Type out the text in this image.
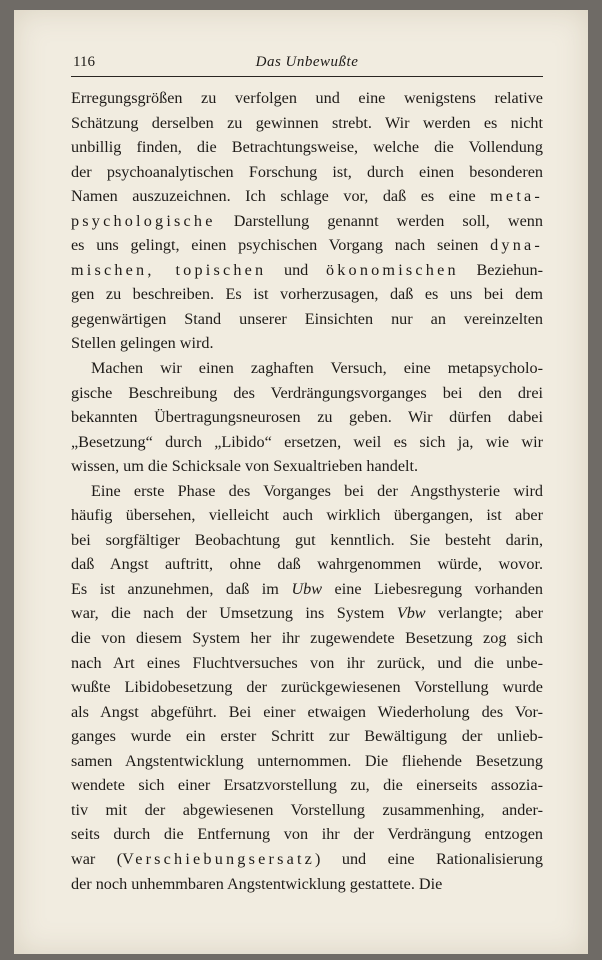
116	Das Unbewußte
Erregungsgrößen zu verfolgen und eine wenigstens relative
Schätzung derselben zu gewinnen strebt. Wir werden es nicht
unbillig finden, die Betrachtungsweise, welche die Vollendung
der psychoanalytischen Forschung ist, durch einen besonderen
Namen auszuzeichnen. Ich schlage vor, daß es eine meta-
psychologische Darstellung genannt werden soll, wenn
es uns gelingt, einen psychischen Vorgang nach seinen dyna-
mischen, topischen und ökonomischen Beziehun-
gen zu beschreiben. Es ist vorherzusagen, daß es uns bei dem
gegenwärtigen Stand unserer Einsichten nur an vereinzelten
Stellen gelingen wird.
Machen wir einen zaghaften Versuch, eine metapsycholo-
gische Beschreibung des Verdrängungsvorganges bei den drei
bekannten Übertragungsneurosen zu geben. Wir dürfen dabei
„Besetzung“ durch „Libido“ ersetzen, weil es sich ja, wie wir
wissen, um die Schicksale von Sexualtrieben handelt.
Eine erste Phase des Vorganges bei der Angsthysterie wird
häufig übersehen, vielleicht auch wirklich übergangen, ist aber
bei sorgfältiger Beobachtung gut kenntlich. Sie besteht darin,
daß Angst auftritt, ohne daß wahrgenommen würde, wovor.
Es ist anzunehmen, daß im Ubw eine Liebesregung vorhanden
war, die nach der Umsetzung ins System Vbw verlangte; aber
die von diesem System her ihr zugewendete Besetzung zog sich
nach Art eines Fluchtversuches von ihr zurück, und die unbe-
wußte Libidobesetzung der zurückgewiesenen Vorstellung wurde
als Angst abgeführt. Bei einer etwaigen Wiederholung des Vor-
ganges wurde ein erster Schritt zur Bewältigung der unlieb-
samen Angstentwicklung unternommen. Die fliehende Besetzung
wendete sich einer Ersatzvorstellung zu, die einerseits assozia-
tiv mit der abgewiesenen Vorstellung zusammenhing, ander-
seits durch die Entfernung von ihr der Verdrängung entzogen
war (Verschiebungsersatz) und eine Rationalisierung
der noch unhemmbaren Angstentwicklung gestattete. Die
